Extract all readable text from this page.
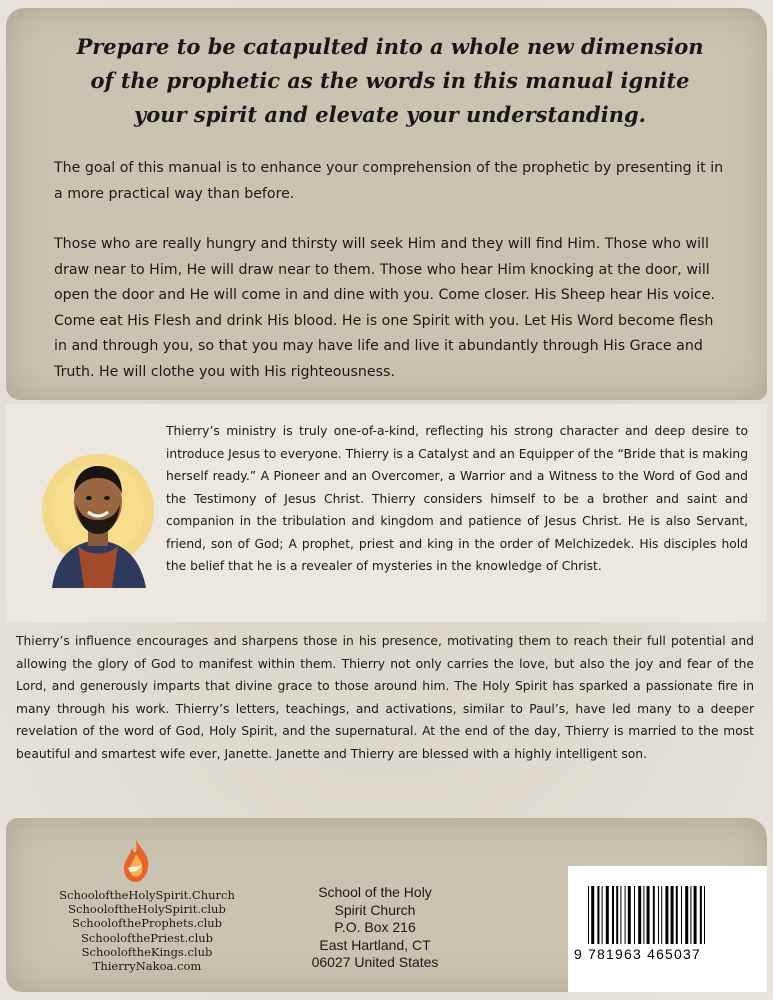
Prepare to be catapulted into a whole new dimension of the prophetic as the words in this manual ignite your spirit and elevate your understanding.
The goal of this manual is to enhance your comprehension of the prophetic by presenting it in a more practical way than before.
Those who are really hungry and thirsty will seek Him and they will find Him. Those who will draw near to Him, He will draw near to them. Those who hear Him knocking at the door, will open the door and He will come in and dine with you. Come closer. His Sheep hear His voice. Come eat His Flesh and drink His blood. He is one Spirit with you. Let His Word become flesh in and through you, so that you may have life and live it abundantly through His Grace and Truth. He will clothe you with His righteousness.
Thierry’s ministry is truly one-of-a-kind, reflecting his strong character and deep desire to introduce Jesus to everyone. Thierry is a Catalyst and an Equipper of the “Bride that is making herself ready.” A Pioneer and an Overcomer, a Warrior and a Witness to the Word of God and the Testimony of Jesus Christ. Thierry considers himself to be a brother and saint and companion in the tribulation and kingdom and patience of Jesus Christ. He is also Servant, friend, son of God; A prophet, priest and king in the order of Melchizedek. His disciples hold the belief that he is a revealer of mysteries in the knowledge of Christ.
Thierry’s influence encourages and sharpens those in his presence, motivating them to reach their full potential and allowing the glory of God to manifest within them. Thierry not only carries the love, but also the joy and fear of the Lord, and generously imparts that divine grace to those around him. The Holy Spirit has sparked a passionate fire in many through his work. Thierry’s letters, teachings, and activations, similar to Paul’s, have led many to a deeper revelation of the word of God, Holy Spirit, and the supernatural. At the end of the day, Thierry is married to the most beautiful and smartest wife ever, Janette. Janette and Thierry are blessed with a highly intelligent son.
SchooloftheHolySpirit.Church
SchooloftheHolySpirit.club
SchooloftheProphets.club
SchoolofthePriest.club
SchooloftheKings.club
ThierryNakoa.com
School of the Holy
Spirit Church
P.O. Box 216
East Hartland, CT
06027 United States	9 781963 465037
